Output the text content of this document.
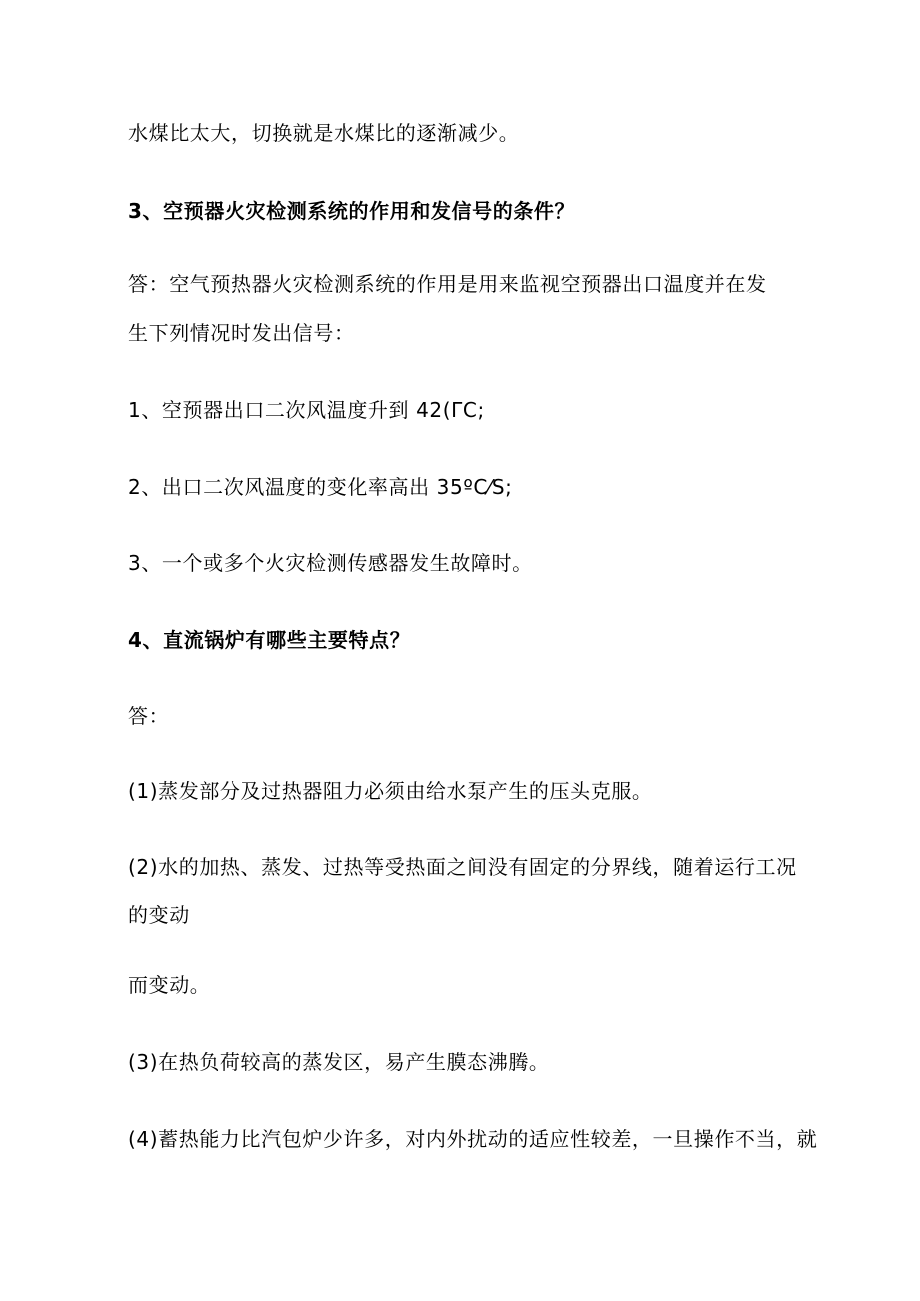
水煤比太大，切换就是水煤比的逐渐减少。
3、空预器火灾检测系统的作用和发信号的条件？
答：空气预热器火灾检测系统的作用是用来监视空预器出口温度并在发
生下列情况时发出信号：
1、空预器出口二次风温度升到 42(ΓC;
2、出口二次风温度的变化率高出 35ºC⁄S;
3、一个或多个火灾检测传感器发生故障时。
4、直流锅炉有哪些主要特点？
答：
(1)蒸发部分及过热器阻力必须由给水泵产生的压头克服。
(2)水的加热、蒸发、过热等受热面之间没有固定的分界线，随着运行工况
的变动
而变动。
(3)在热负荷较高的蒸发区，易产生膜态沸腾。
(4)蓄热能力比汽包炉少许多，对内外扰动的适应性较差，一旦操作不当，就
